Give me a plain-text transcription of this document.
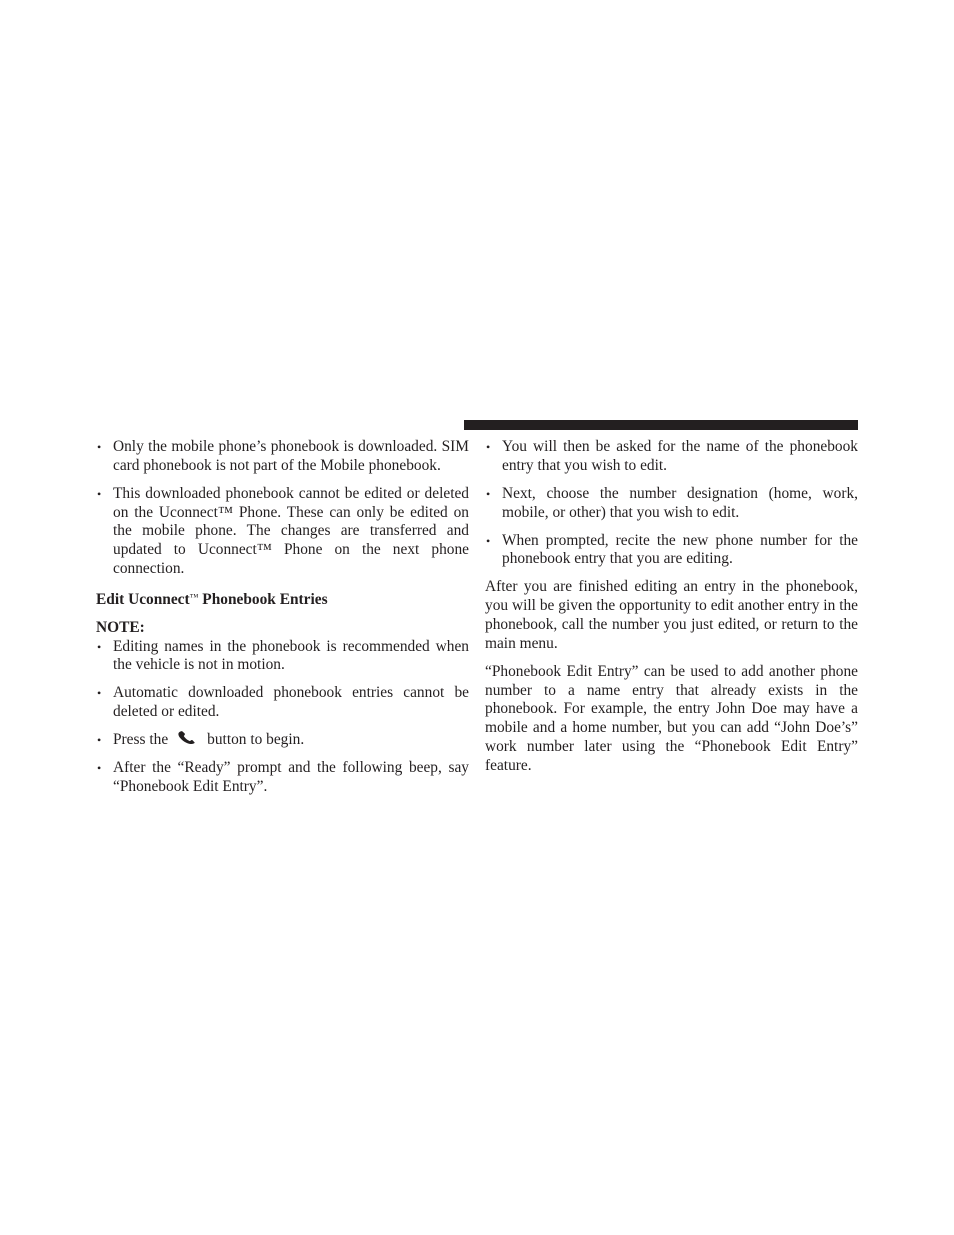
• Only the mobile phone’s phonebook is downloaded. SIM card phonebook is not part of the Mobile phonebook.
• This downloaded phonebook cannot be edited or deleted on the Uconnect™ Phone. These can only be edited on the mobile phone. The changes are transferred and updated to Uconnect™ Phone on the next phone connection.
Edit Uconnect™ Phonebook Entries
NOTE:
• Editing names in the phonebook is recommended when the vehicle is not in motion.
• Automatic downloaded phonebook entries cannot be deleted or edited.
• Press the	button to begin.
• After the “Ready” prompt and the following beep, say “Phonebook Edit Entry”.
• You will then be asked for the name of the phonebook entry that you wish to edit.
• Next, choose the number designation (home, work, mobile, or other) that you wish to edit.
• When prompted, recite the new phone number for the phonebook entry that you are editing.

After you are finished editing an entry in the phonebook, you will be given the opportunity to edit another entry in the phonebook, call the number you just edited, or return to the main menu.

“Phonebook Edit Entry” can be used to add another phone number to a name entry that already exists in the phonebook. For example, the entry John Doe may have a mobile and a home number, but you can add “John Doe’s” work number later using the “Phonebook Edit Entry” feature.
